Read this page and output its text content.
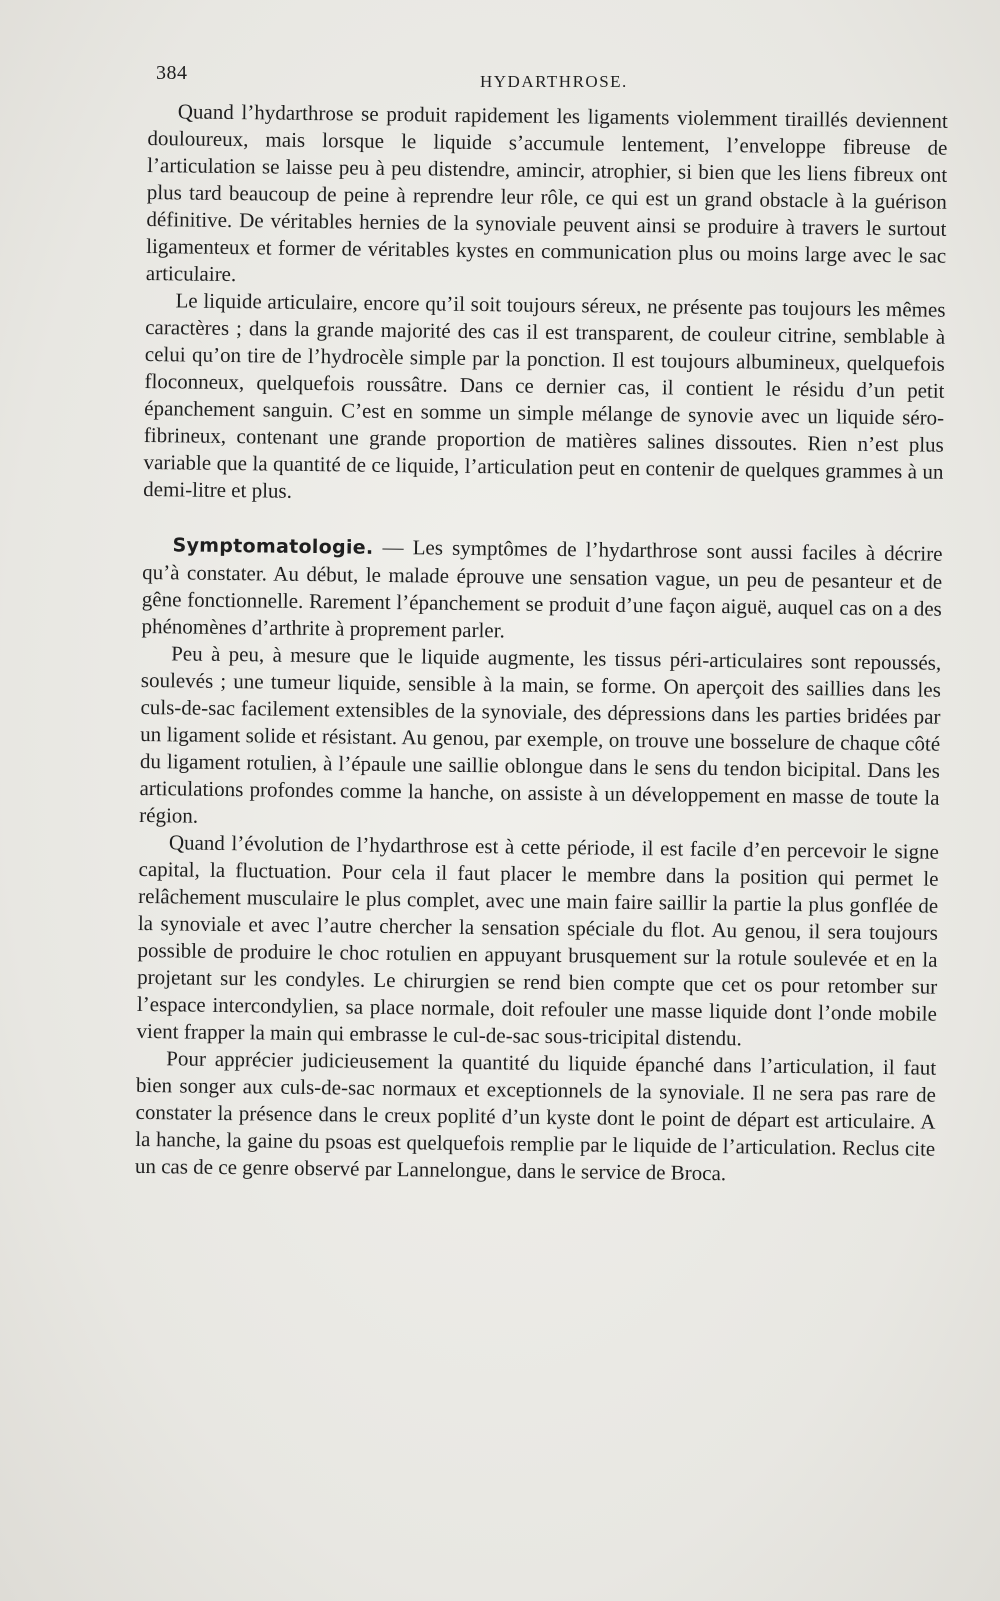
384	HYDARTHROSE.

Quand l’hydarthrose se produit rapidement les ligaments violemment tiraillés deviennent douloureux, mais lorsque le liquide s’accumule lentement, l’enveloppe fibreuse de l’articulation se laisse peu à peu distendre, amincir, atrophier, si bien que les liens fibreux ont plus tard beaucoup de peine à reprendre leur rôle, ce qui est un grand obstacle à la guérison définitive. De véritables hernies de la synoviale peuvent ainsi se produire à travers le surtout ligamenteux et former de véritables kystes en communication plus ou moins large avec le sac articulaire.

Le liquide articulaire, encore qu’il soit toujours séreux, ne présente pas toujours les mêmes caractères ; dans la grande majorité des cas il est transparent, de couleur citrine, semblable à celui qu’on tire de l’hydrocèle simple par la ponction. Il est toujours albumineux, quelquefois floconneux, quelquefois roussâtre. Dans ce dernier cas, il contient le résidu d’un petit épanchement sanguin. C’est en somme un simple mélange de synovie avec un liquide séro-fibrineux, contenant une grande proportion de matières salines dissoutes. Rien n’est plus variable que la quantité de ce liquide, l’articulation peut en contenir de quelques grammes à un demi-litre et plus.

Symptomatologie. — Les symptômes de l’hydarthrose sont aussi faciles à décrire qu’à constater. Au début, le malade éprouve une sensation vague, un peu de pesanteur et de gêne fonctionnelle. Rarement l’épanchement se produit d’une façon aiguë, auquel cas on a des phénomènes d’arthrite à proprement parler.

Peu à peu, à mesure que le liquide augmente, les tissus péri-articulaires sont repoussés, soulevés ; une tumeur liquide, sensible à la main, se forme. On aperçoit des saillies dans les culs-de-sac facilement extensibles de la synoviale, des dépressions dans les parties bridées par un ligament solide et résistant. Au genou, par exemple, on trouve une bosselure de chaque côté du ligament rotulien, à l’épaule une saillie oblongue dans le sens du tendon bicipital. Dans les articulations profondes comme la hanche, on assiste à un développement en masse de toute la région.

Quand l’évolution de l’hydarthrose est à cette période, il est facile d’en percevoir le signe capital, la fluctuation. Pour cela il faut placer le membre dans la position qui permet le relâchement musculaire le plus complet, avec une main faire saillir la partie la plus gonflée de la synoviale et avec l’autre chercher la sensation spéciale du flot. Au genou, il sera toujours possible de produire le choc rotulien en appuyant brusquement sur la rotule soulevée et en la projetant sur les condyles. Le chirurgien se rend bien compte que cet os pour retomber sur l’espace intercondylien, sa place normale, doit refouler une masse liquide dont l’onde mobile vient frapper la main qui embrasse le cul-de-sac sous-tricipital distendu.

Pour apprécier judicieusement la quantité du liquide épanché dans l’articulation, il faut bien songer aux culs-de-sac normaux et exceptionnels de la synoviale. Il ne sera pas rare de constater la présence dans le creux poplité d’un kyste dont le point de départ est articulaire. A la hanche, la gaine du psoas est quelquefois remplie par le liquide de l’articulation. Reclus cite un cas de ce genre observé par Lannelongue, dans le service de Broca.
